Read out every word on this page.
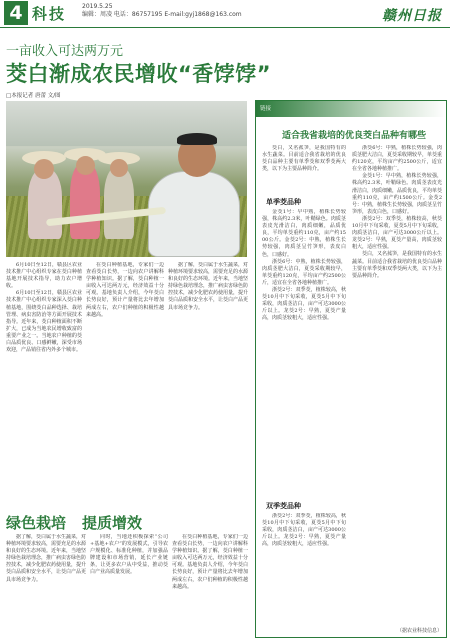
4 科技	2019.5.25
编辑：周凌 电话：86757195 E-mail:gyj1868@163.com	赣州日报
一亩收入可达两万元
茭白渐成农民增收“香饽饽”
□本报记者 唐蕾 文/图

6月10日至12日，赣县区农业技术推广中心组织专家在茭白种植基地开展技术指导，助力农户增收。

6月10日至12日，赣县区农业技术推广中心组织专家深入茭白种植基地，围绕茭白品种选择、栽培管理、病虫害防治等方面开展技术指导。近年来，茭白种植面积不断扩大，已成为当地农民增收致富的重要产业之一。当地农户种植的茭白品质优良、口感鲜嫩，深受市场欢迎，产品销往省内外多个城市。

在茭白种植基地，专家们一边查看茭白长势，一边向农户讲解科学种植知识。据了解，茭白种植一亩收入可达两万元，经济效益十分可观。基地负责人介绍，今年茭白长势良好，预计产量将比去年增加两成左右，农户们种植的积极性越来越高。

据了解，茭白属于水生蔬菜，对种植环境要求较高，需要充足的水源和良好的生态环境。近年来，当地坚持绿色栽培理念，推广病虫害绿色防控技术，减少化肥农药使用量，提升茭白品质和安全水平，让茭白产品更具市场竞争力。

绿色栽培 提质增效

据了解，茭白属于水生蔬菜，对种植环境要求较高，需要充足的水源和良好的生态环境。近年来，当地坚持绿色栽培理念，推广病虫害绿色防控技术，减少化肥农药使用量，提升茭白品质和安全水平，让茭白产品更具市场竞争力。

同时，当地还积极探索“公司+基地+农户”的发展模式，引导农户规模化、标准化种植，并加强品牌建设和市场营销，延长产业链条，让更多农户从中受益，推动茭白产业高质量发展。

在茭白种植基地，专家们一边查看茭白长势，一边向农户讲解科学种植知识。据了解，茭白种植一亩收入可达两万元，经济效益十分可观。基地负责人介绍，今年茭白长势良好，预计产量将比去年增加两成左右，农户们种植的积极性越来越高。

链接
适合我省栽培的优良茭白品种有哪些

茭白，又名菰笋，是我国特有的水生蔬菜。目前适合我省栽培的优良茭白品种主要有单季茭和双季茭两大类，以下为主要品种简介。

单季茭品种

金茭1号：早中熟，植株长势较强，株高约2.3米，叶鞘绿色。肉质茎表皮光滑洁白，肉质细嫩，品质优良，平均单茭重约110克，亩产约1500公斤。金茭2号：中熟，植株生长势较强，肉质茎呈竹笋形，表皮白色，口感好。

浙茭6号：中熟，植株长势较强，肉质茎肥大洁白，夏茭采收期较早，单茭重约120克，平均亩产约2500公斤，适宜在全省各地种植推广。

浙茭2号：双季茭，植株较高，秋茭10月中下旬采收，夏茭5月中下旬采收，肉质茎洁白，亩产可达3000公斤以上。龙茭2号：早熟，夏茭产量高，肉质茎较粗大，适应性强。

双季茭品种

浙茭2号：双季茭，植株较高，秋茭10月中下旬采收，夏茭5月中下旬采收，肉质茎洁白，亩产可达3000公斤以上。龙茭2号：早熟，夏茭产量高，肉质茎较粗大，适应性强。

浙茭6号：中熟，植株长势较强，肉质茎肥大洁白，夏茭采收期较早，单茭重约120克，平均亩产约2500公斤，适宜在全省各地种植推广。

金茭1号：早中熟，植株长势较强，株高约2.3米，叶鞘绿色。肉质茎表皮光滑洁白，肉质细嫩，品质优良，平均单茭重约110克，亩产约1500公斤。金茭2号：中熟，植株生长势较强，肉质茎呈竹笋形，表皮白色，口感好。

浙茭2号：双季茭，植株较高，秋茭10月中下旬采收，夏茭5月中下旬采收，肉质茎洁白，亩产可达3000公斤以上。龙茭2号：早熟，夏茭产量高，肉质茎较粗大，适应性强。

茭白，又名菰笋，是我国特有的水生蔬菜。目前适合我省栽培的优良茭白品种主要有单季茭和双季茭两大类，以下为主要品种简介。

（据农业科技信息）
